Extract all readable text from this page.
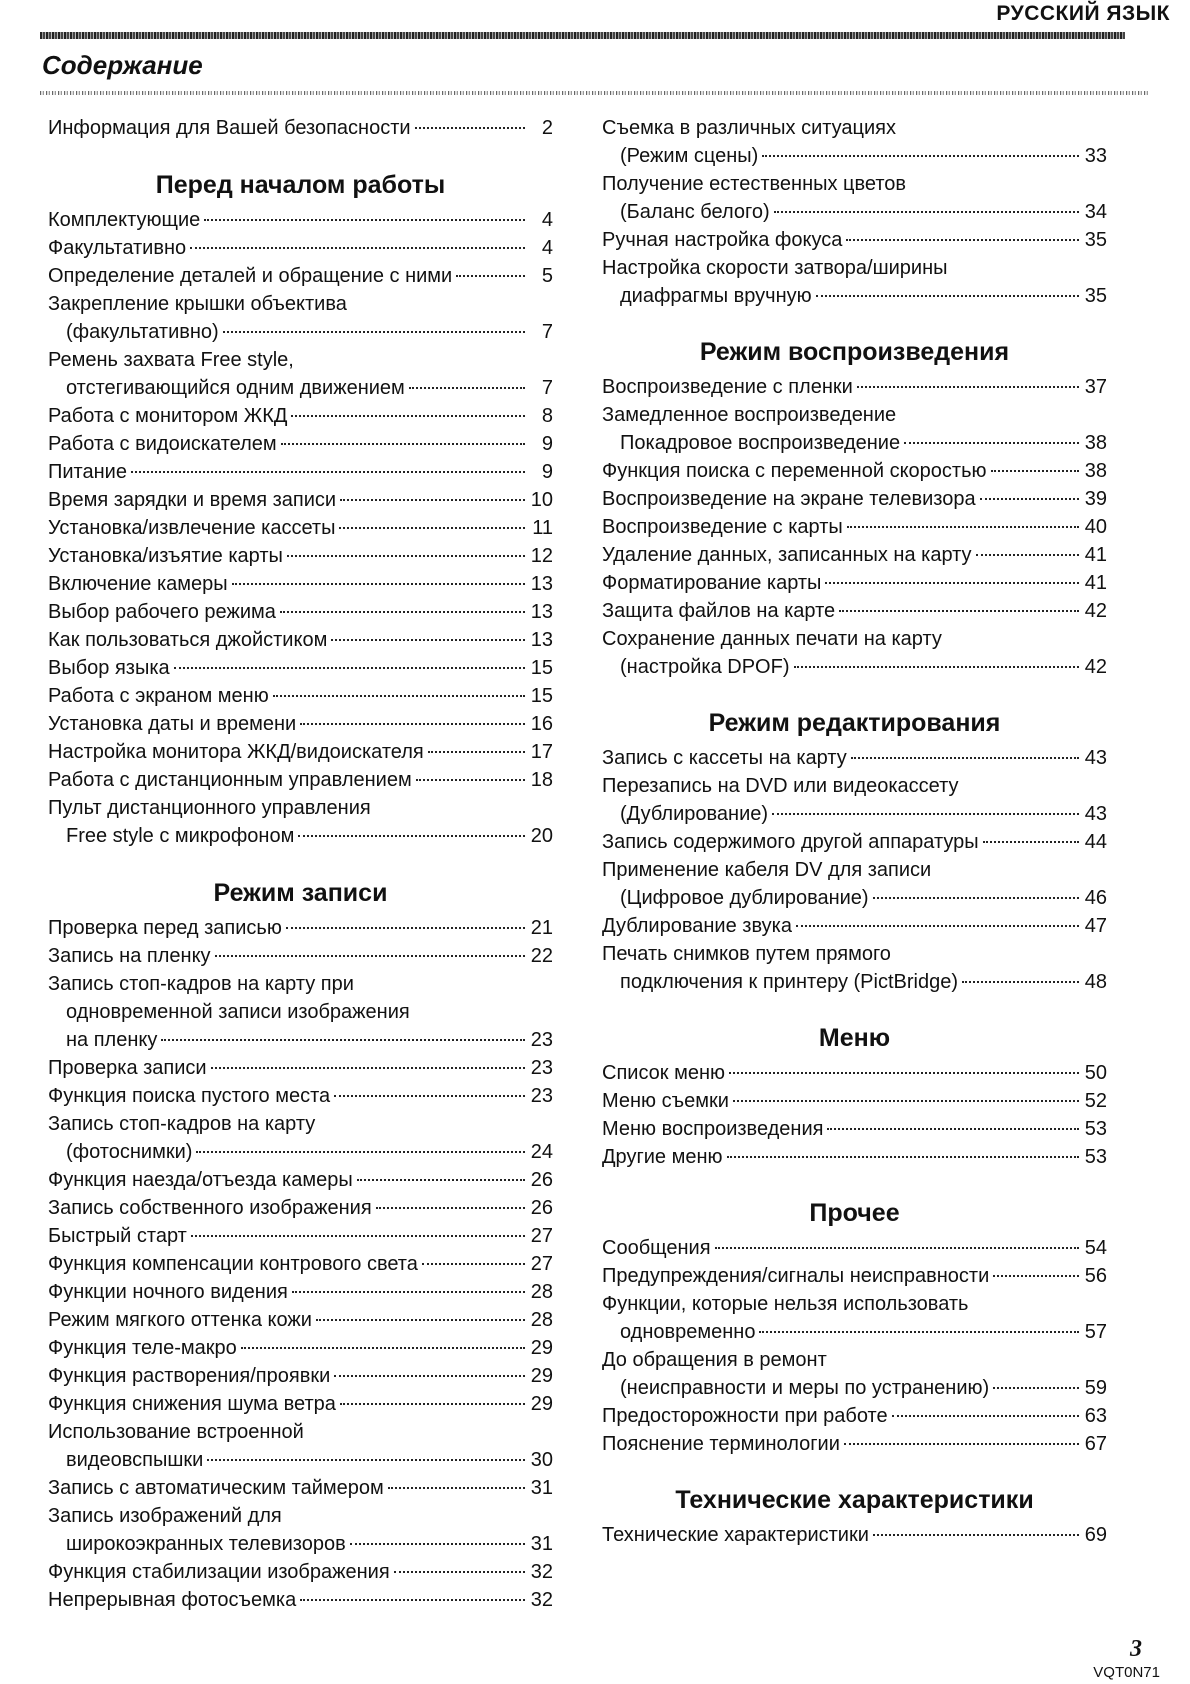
РУССКИЙ ЯЗЫК
Содержание
Информация для Вашей безопасности	2
Перед началом работы
Комплектующие	4
Факультативно	4
Определение деталей и обращение с ними	5
Закрепление крышки объектива
(факультативно)	7
Ремень захвата Free style,
отстегивающийся одним движением	7
Работа с монитором ЖКД	8
Работа с видоискателем	9
Питание	9
Время зарядки и время записи	10
Установка/извлечение кассеты	11
Установка/изъятие карты	12
Включение камеры	13
Выбор рабочего режима	13
Как пользоваться джойстиком	13
Выбор языка	15
Работа с экраном меню	15
Установка даты и времени	16
Настройка монитора ЖКД/видоискателя	17
Работа с дистанционным управлением	18
Пульт дистанционного управления
Free style с микрофоном	20
Режим записи
Проверка перед записью	21
Запись на пленку	22
Запись стоп-кадров на карту при
одновременной записи изображения
на пленку	23
Проверка записи	23
Функция поиска пустого места	23
Запись стоп-кадров на карту
(фотоснимки)	24
Функция наезда/отъезда камеры	26
Запись собственного изображения	26
Быстрый старт	27
Функция компенсации контрового света	27
Функции ночного видения	28
Режим мягкого оттенка кожи	28
Функция теле-макро	29
Функция растворения/проявки	29
Функция снижения шума ветра	29
Использование встроенной
видеовспышки	30
Запись с автоматическим таймером	31
Запись изображений для
широкоэкранных телевизоров	31
Функция стабилизации изображения	32
Непрерывная фотосъемка	32
Съемка в различных ситуациях
(Режим сцены)	33
Получение естественных цветов
(Баланс белого)	34
Ручная настройка фокуса	35
Настройка скорости затвора/ширины
диафрагмы вручную	35
Режим воспроизведения
Воспроизведение с пленки	37
Замедленное воспроизведение
Покадровое воспроизведение	38
Функция поиска с переменной скоростью	38
Воспроизведение на экране телевизора	39
Воспроизведение с карты	40
Удаление данных, записанных на карту	41
Форматирование карты	41
Защита файлов на карте	42
Сохранение данных печати на карту
(настройка DPOF)	42
Режим редактирования
Запись с кассеты на карту	43
Перезапись на DVD или видеокассету
(Дублирование)	43
Запись содержимого другой аппаратуры	44
Применение кабеля DV для записи
(Цифровое дублирование)	46
Дублирование звука	47
Печать снимков путем прямого
подключения к принтеру (PictBridge)	48
Меню
Список меню	50
Меню съемки	52
Меню воспроизведения	53
Другие меню	53
Прочее
Сообщения	54
Предупреждения/сигналы неисправности	56
Функции, которые нельзя использовать
одновременно	57
До обращения в ремонт
(неисправности и меры по устранению)	59
Предосторожности при работе	63
Пояснение терминологии	67
Технические характеристики
Технические характеристики	69
3
VQT0N71
